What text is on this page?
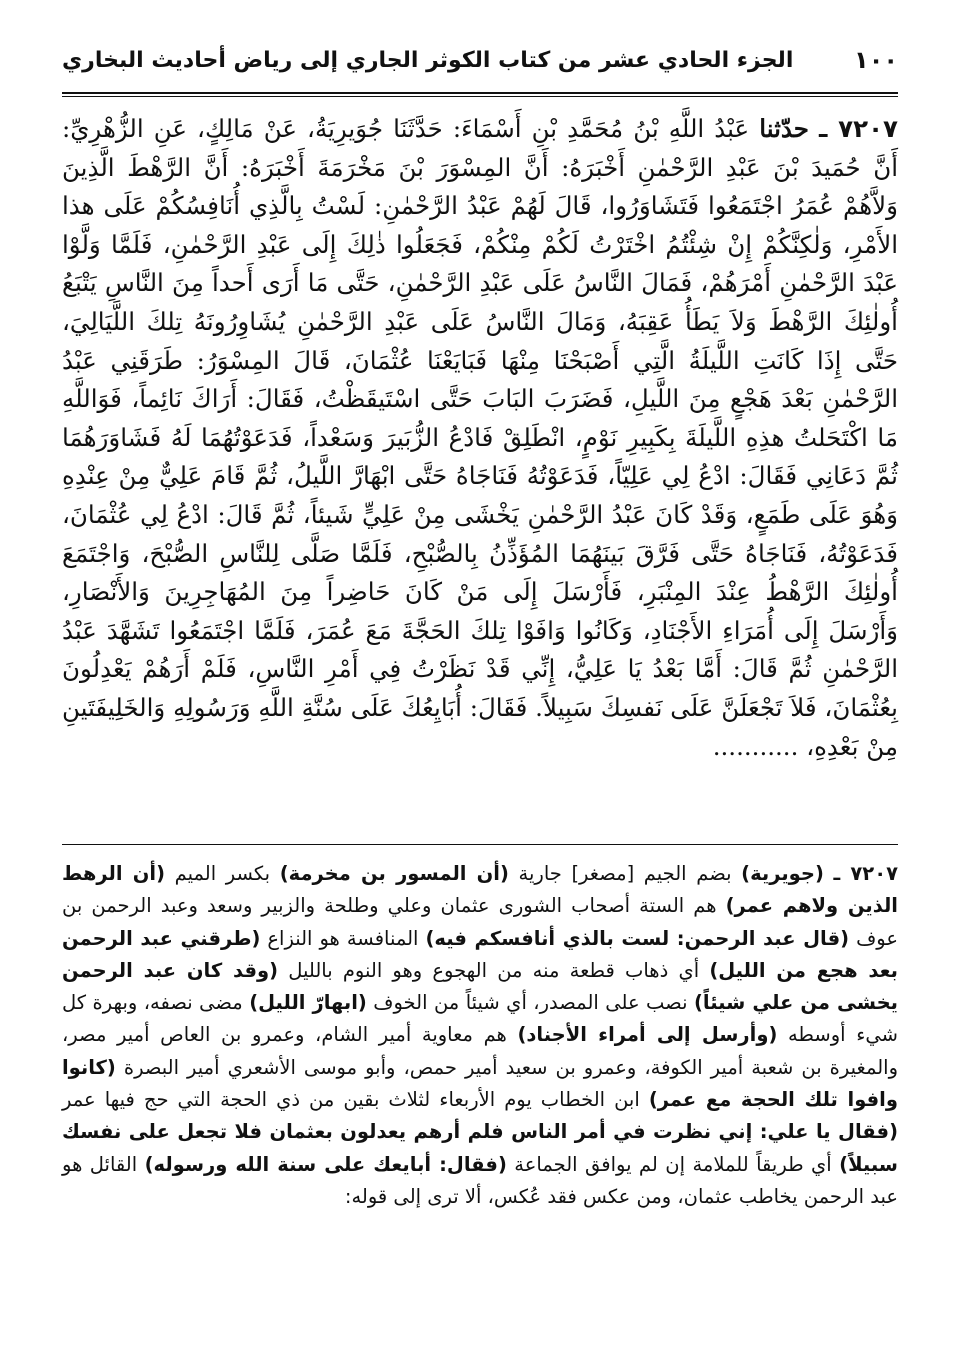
١٠٠
الجزء الحادي عشر من كتاب الكوثر الجاري إلى رياض أحاديث البخاري
٧٢٠٧ ـ حدّثنا عَبْدُ اللَّهِ بْنُ مُحَمَّدِ بْنِ أَسْمَاءَ: حَدَّثَنَا جُوَيرِيَةُ، عَنْ مَالِكٍ، عَنِ الزُّهْرِيِّ: أَنَّ حُمَيدَ بْنَ عَبْدِ الرَّحْمٰنِ أَخْبَرَهُ: أَنَّ المِسْوَرَ بْنَ مَخْرَمَةَ أَخْبَرَهُ: أَنَّ الرَّهْطَ الَّذِينَ وَلاَّهُمْ عُمَرُ اجْتَمَعُوا فَتَشَاوَرُوا، قَالَ لَهُمْ عَبْدُ الرَّحْمٰنِ: لَسْتُ بِالَّذِي أُنَافِسُكُمْ عَلَى هذا الأَمْرِ، وَلٰكِنَّكُمْ إِنْ شِئْتُمُ اخْتَرْتُ لَكُمْ مِنْكُمْ، فَجَعَلُوا ذٰلِكَ إِلَى عَبْدِ الرَّحْمٰنِ، فَلَمَّا وَلَّوْا عَبْدَ الرَّحْمٰنِ أَمْرَهُمْ، فَمَالَ النَّاسُ عَلَى عَبْدِ الرَّحْمٰنِ، حَتَّى مَا أَرَى أَحداً مِنَ النَّاسِ يَتْبَعُ أُولٰئِكَ الرَّهْطَ وَلاَ يَطَأُ عَقِبَهُ، وَمَالَ النَّاسُ عَلَى عَبْدِ الرَّحْمٰنِ يُشَاوِرُونَهُ تِلكَ اللَّيَالِيَ، حَتَّى إِذَا كَانَتِ اللَّيلَةُ الَّتِي أَصْبَحْنَا مِنْهَا فَبَايَعْنَا عُثْمَانَ، قَالَ المِسْوَرُ: طَرَقَنِي عَبْدُ الرَّحْمٰنِ بَعْدَ هَجْعٍ مِنَ اللَّيلِ، فَضَرَبَ البَابَ حَتَّى اسْتَيقَظْتُ، فَقَالَ: أَرَاكَ نَائِماً، فَوَاللَّهِ مَا اكْتَحَلتُ هذِهِ اللَّيلَةَ بِكَبِيرِ نَوْمٍ، انْطَلِقْ فَادْعُ الزُّبَيرَ وَسَعْداً، فَدَعَوْتُهُمَا لَهُ فَشَاوَرَهُمَا ثُمَّ دَعَانِي فَقَالَ: ادْعُ لِي عَلِيّاً، فَدَعَوْتُهُ فَنَاجَاهُ حَتَّى ابْهَارَّ اللَّيلُ، ثُمَّ قَامَ عَلِيٌّ مِنْ عِنْدِهِ وَهُوَ عَلَى طَمَعٍ، وَقَدْ كَانَ عَبْدُ الرَّحْمٰنِ يَخْشَى مِنْ عَلِيٍّ شَيئاً، ثُمَّ قَالَ: ادْعُ لِي عُثْمَانَ، فَدَعَوْتُهُ، فَنَاجَاهُ حَتَّى فَرَّقَ بَينَهُمَا المُؤَذِّنُ بِالصُّبْحِ، فَلَمَّا صَلَّى لِلنَّاسِ الصُّبْحَ، وَاجْتَمَعَ أُولٰئِكَ الرَّهْطُ عِنْدَ المِنْبَرِ، فَأَرْسَلَ إِلَى مَنْ كَانَ حَاضِراً مِنَ المُهَاجِرِينَ وَالأَنْصَارِ، وَأَرْسَلَ إِلَى أُمَرَاءِ الأَجْنَادِ، وَكَانُوا وَافَوْا تِلكَ الحَجَّةَ مَعَ عُمَرَ، فَلَمَّا اجْتَمَعُوا تَشَهَّدَ عَبْدُ الرَّحْمٰنِ ثُمَّ قَالَ: أَمَّا بَعْدُ يَا عَلِيُّ، إِنِّي قَدْ نَظَرْتُ فِي أَمْرِ النَّاسِ، فَلَمْ أَرَهُمْ يَعْدِلُونَ بِعُثْمَانَ، فَلاَ تَجْعَلَنَّ عَلَى نَفسِكَ سَبِيلاً. فَقَالَ: أُبَايِعُكَ عَلَى سُنَّةِ اللَّهِ وَرَسُولِهِ وَالخَلِيفَتَينِ مِنْ بَعْدِهِ، ...........
٧٢٠٧ ـ (جويرية) بضم الجيم [مصغر] جارية (أن المسور بن مخرمة) بكسر الميم (أن الرهط الذين ولاهم عمر) هم الستة أصحاب الشورى عثمان وعلي وطلحة والزبير وسعد وعبد الرحمن بن عوف (قال عبد الرحمن: لست بالذي أنافسكم فيه) المنافسة هو النزاع (طرقني عبد الرحمن بعد هجع من الليل) أي ذهاب قطعة منه من الهجوع وهو النوم بالليل (وقد كان عبد الرحمن يخشى من علي شيئاً) نصب على المصدر، أي شيئاً من الخوف (ابهارّ الليل) مضى نصفه، وبهرة كل شيء أوسطه (وأرسل إلى أمراء الأجناد) هم معاوية أمير الشام، وعمرو بن العاص أمير مصر، والمغيرة بن شعبة أمير الكوفة، وعمرو بن سعيد أمير حمص، وأبو موسى الأشعري أمير البصرة (كانوا وافوا تلك الحجة مع عمر) ابن الخطاب يوم الأربعاء لثلاث بقين من ذي الحجة التي حج فيها عمر (فقال يا علي: إني نظرت في أمر الناس فلم أرهم يعدلون بعثمان فلا تجعل على نفسك سبيلاً) أي طريقاً للملامة إن لم يوافق الجماعة (فقال: أبايعك على سنة الله ورسوله) القائل هو عبد الرحمن يخاطب عثمان، ومن عكس فقد عُكس، ألا ترى إلى قوله:
